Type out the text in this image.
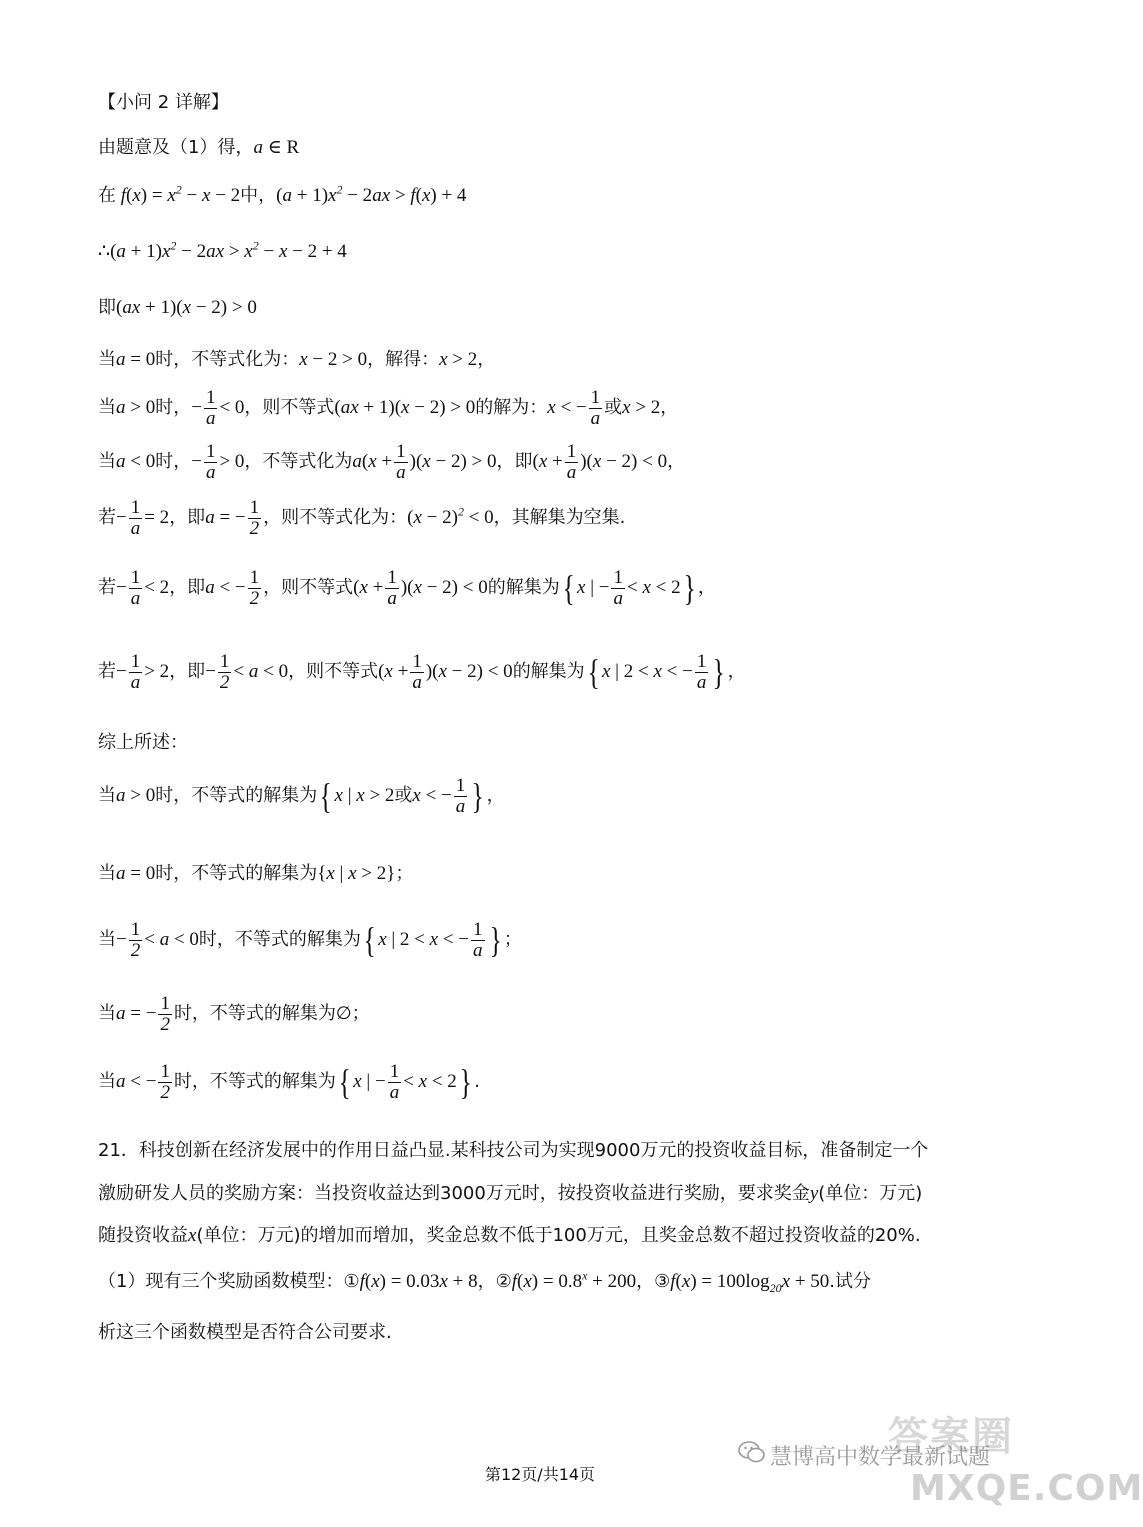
【小问 2 详解】
由题意及（1）得，a ∈ R
在 $f(x) = x^2 - x - 2$中，$(a + 1)x^2 - 2ax > f(x) + 4$
∴(a + $1)x^2 - 2ax > x^2 - x - 2 + 4$
即(ax + 1)(x − 2) > 0
当a = 0时，不等式化为：x − 2 > 0，解得：x > 2，
当a > 0时，− $\frac{1}{a} < 0$，则不等式(ax + 1)(x − 2) > 0的解为：x < − $\frac{1}{a}$ 或x > 2，
当a < 0时，− $\frac{1}{a} > 0$，不等式化为$a(x + \frac{1}{a} )(x - 2) > 0$，即$(x + \frac{1}{a} )(x - 2) < 0$，
若− $\frac{1}{a} = 2$，即a = − $\frac{1}{2}$ ，则不等式化为：$(x - 2)^2 < 0$，其解集为空集.
若− $\frac{1}{a} < 2$，即a < − $\frac{1}{2}$ ，则不等式$(x + \frac{1}{a} )(x - 2) < 0$的解集为{ x | − $\frac{1}{a} < x < 2$} ，
若− $\frac{1}{a} > 2$，即− $\frac{1}{2} < a < 0$，则不等式$(x + \frac{1}{a} )(x - 2) < 0$的解集为{ x | 2 < x < − $\frac{1}{a}$ } ，
综上所述：
当a > 0时，不等式的解集为{ x | x > 2或x < − $\frac{1}{a}$ } ，
当a = 0时，不等式的解集为{x | x > 2}；
当− $\frac{1}{2} < a < 0$时，不等式的解集为{ x | 2 < x < − $\frac{1}{a}$ } ；
当a = − $\frac{1}{2}$ 时，不等式的解集为∅；
当a < − $\frac{1}{2}$ 时，不等式的解集为{ x | − $\frac{1}{a} < x < 2$} .
21．科技创新在经济发展中的作用日益凸显.某科技公司为实现9000万元的投资收益目标，准备制定一个
激励研发人员的奖励方案：当投资收益达到3000万元时，按投资收益进行奖励，要求奖金y(单位：万元)
随投资收益x(单位：万元)的增加而增加，奖金总数不低于100万元，且奖金总数不超过投资收益的20%.
（1）现有三个奖励函数模型：①f(x) = 0.03x + 8，②f(x) = $0.8^x + 200$，③f(x) = $100\log_{20}x + 50$.试分
析这三个函数模型是否符合公司要求.
慧博高中数学最新试题
答案圈
MXQE.COM
第12页/共14页
